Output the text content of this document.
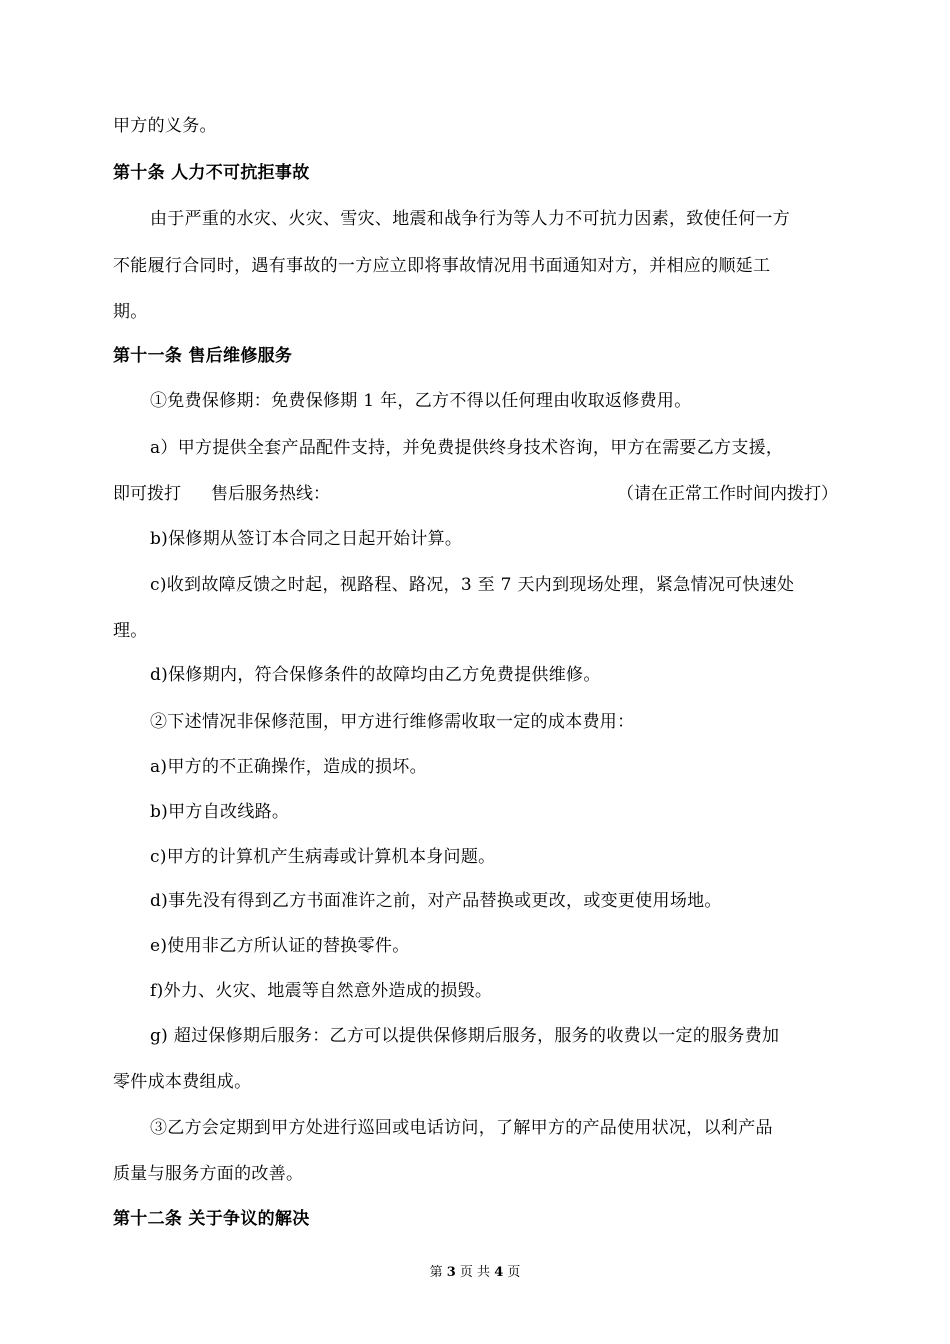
甲方的义务。
第十条 人力不可抗拒事故
由于严重的水灾、火灾、雪灾、地震和战争行为等人力不可抗力因素，致使任何一方
不能履行合同时，遇有事故的一方应立即将事故情况用书面通知对方，并相应的顺延工
期。
第十一条 售后维修服务
①免费保修期：免费保修期 1 年，乙方不得以任何理由收取返修费用。
a）甲方提供全套产品配件支持，并免费提供终身技术咨询，甲方在需要乙方支援，
即可拨打 售后服务热线：	（请在正常工作时间内拨打）
b)保修期从签订本合同之日起开始计算。
c)收到故障反馈之时起，视路程、路况，3 至 7 天内到现场处理，紧急情况可快速处
理。
d)保修期内，符合保修条件的故障均由乙方免费提供维修。
②下述情况非保修范围，甲方进行维修需收取一定的成本费用：
a)甲方的不正确操作，造成的损坏。
b)甲方自改线路。
c)甲方的计算机产生病毒或计算机本身问题。
d)事先没有得到乙方书面准许之前，对产品替换或更改，或变更使用场地。
e)使用非乙方所认证的替换零件。
f)外力、火灾、地震等自然意外造成的损毁。
g) 超过保修期后服务：乙方可以提供保修期后服务，服务的收费以一定的服务费加
零件成本费组成。
③乙方会定期到甲方处进行巡回或电话访问，了解甲方的产品使用状况，以利产品
质量与服务方面的改善。
第十二条 关于争议的解决
第 3 页 共 4 页
